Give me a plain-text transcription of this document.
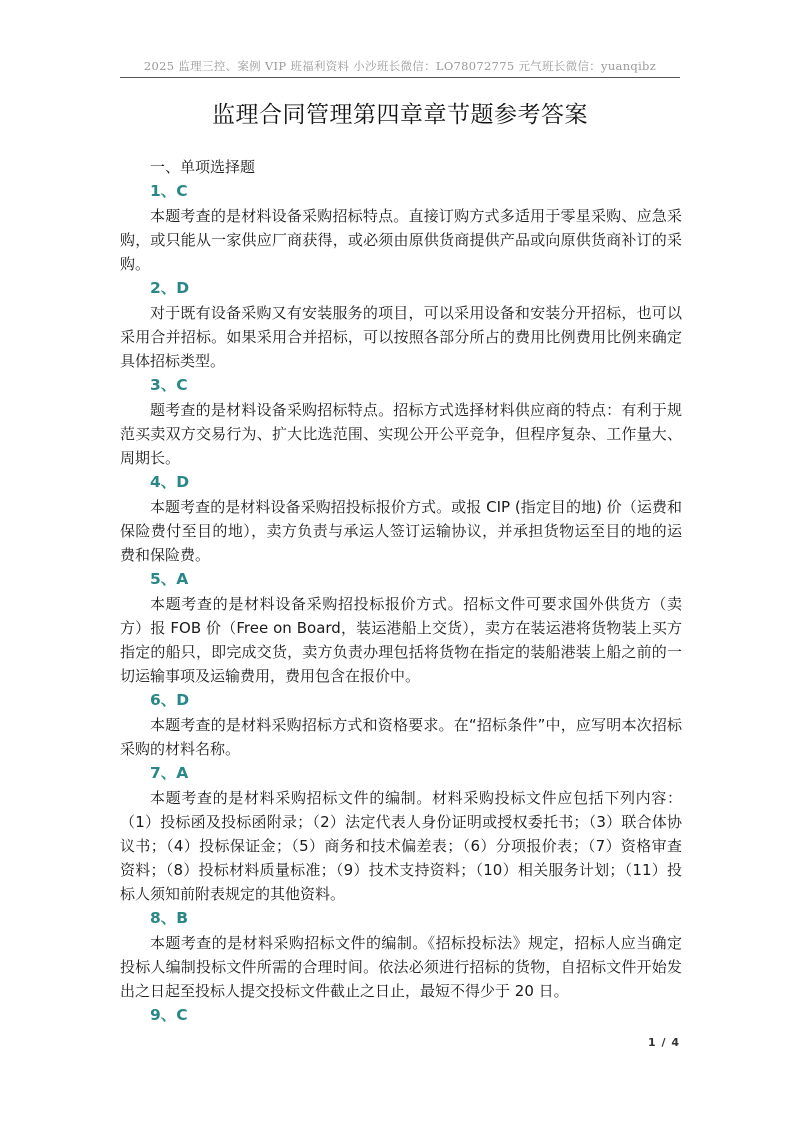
2025 监理三控、案例 VIP 班福利资料 小沙班长微信：LO78072775 元气班长微信：yuanqibz
监理合同管理第四章章节题参考答案
一、单项选择题
1、C

本题考查的是材料设备采购招标特点。直接订购方式多适用于零星采购、应急采购，或只能从一家供应厂商获得，或必须由原供货商提供产品或向原供货商补订的采购。

2、D

对于既有设备采购又有安装服务的项目，可以采用设备和安装分开招标，也可以采用合并招标。如果采用合并招标，可以按照各部分所占的费用比例费用比例来确定具体招标类型。

3、C

题考查的是材料设备采购招标特点。招标方式选择材料供应商的特点：有利于规范买卖双方交易行为、扩大比选范围、实现公开公平竞争，但程序复杂、工作量大、周期长。

4、D

本题考查的是材料设备采购招投标报价方式。或报 CIP (指定目的地) 价（运费和保险费付至目的地），卖方负责与承运人签订运输协议，并承担货物运至目的地的运费和保险费。

5、A

本题考查的是材料设备采购招投标报价方式。招标文件可要求国外供货方（卖方）报 FOB 价（Free on Board，装运港船上交货），卖方在装运港将货物装上买方指定的船只，即完成交货，卖方负责办理包括将货物在指定的装船港装上船之前的一切运输事项及运输费用，费用包含在报价中。

6、D

本题考查的是材料采购招标方式和资格要求。在“招标条件”中，应写明本次招标采购的材料名称。

7、A

本题考查的是材料采购招标文件的编制。材料采购投标文件应包括下列内容：（1）投标函及投标函附录；（2）法定代表人身份证明或授权委托书；（3）联合体协议书；（4）投标保证金；（5）商务和技术偏差表；（6）分项报价表；（7）资格审查资料；（8）投标材料质量标准；（9）技术支持资料；（10）相关服务计划；（11）投标人须知前附表规定的其他资料。

8、B

本题考查的是材料采购招标文件的编制。《招标投标法》规定，招标人应当确定投标人编制投标文件所需的合理时间。依法必须进行招标的货物，自招标文件开始发出之日起至投标人提交投标文件截止之日止，最短不得少于 20 日。

9、C
1 / 4
